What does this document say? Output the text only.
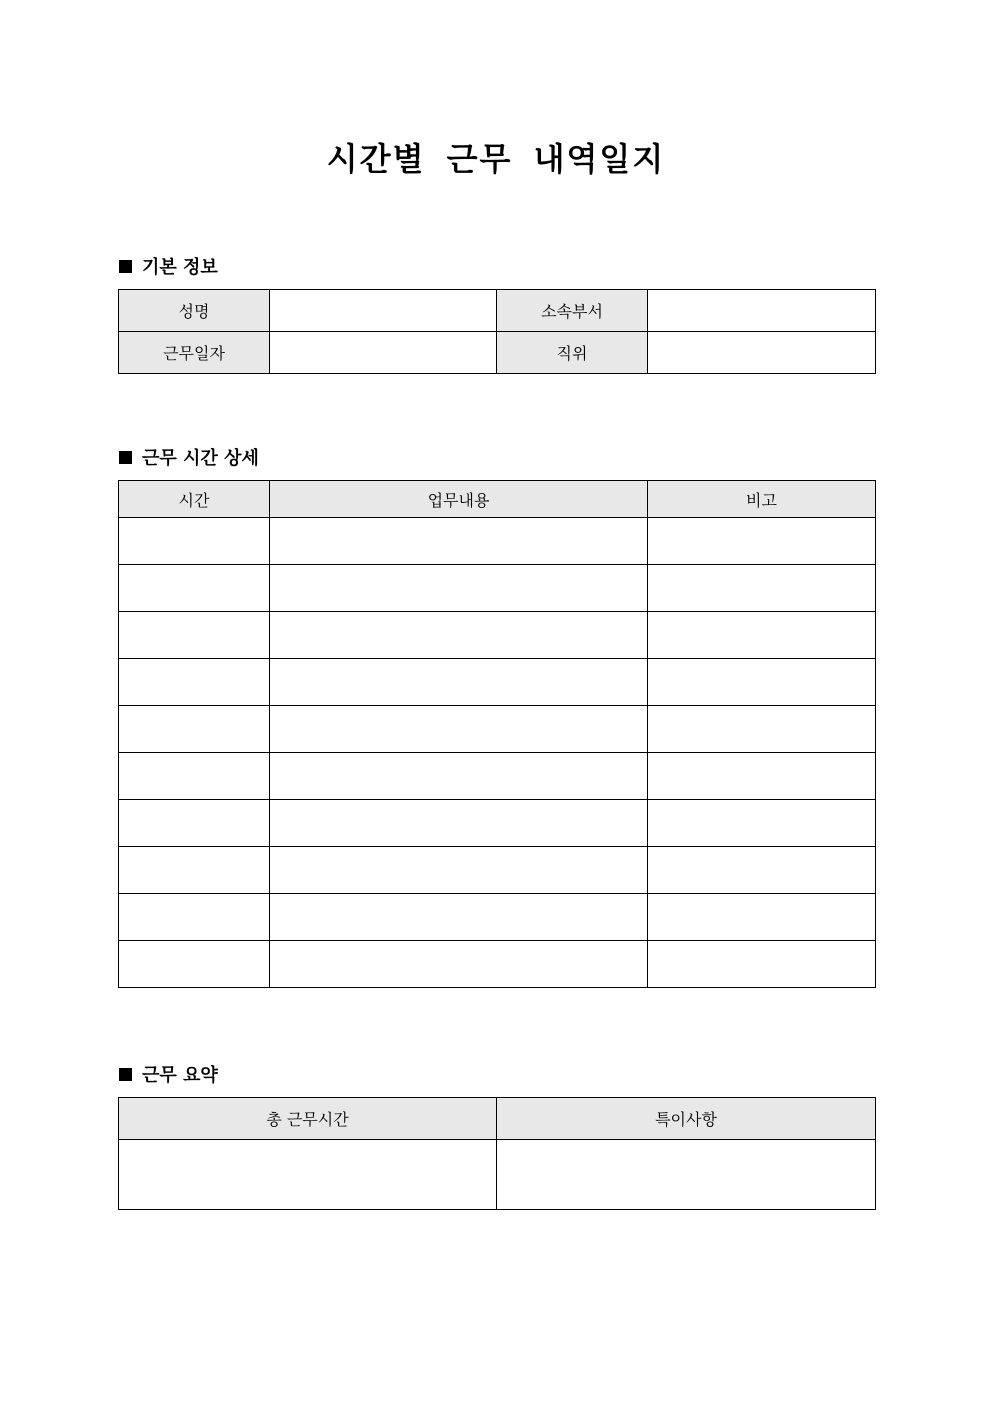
시간별 근무 내역일지
기본 정보
성명		소속부서	
근무일자		직위	
근무 시간 상세
시간	업무내용	비고

근무 요약
총 근무시간	특이사항
